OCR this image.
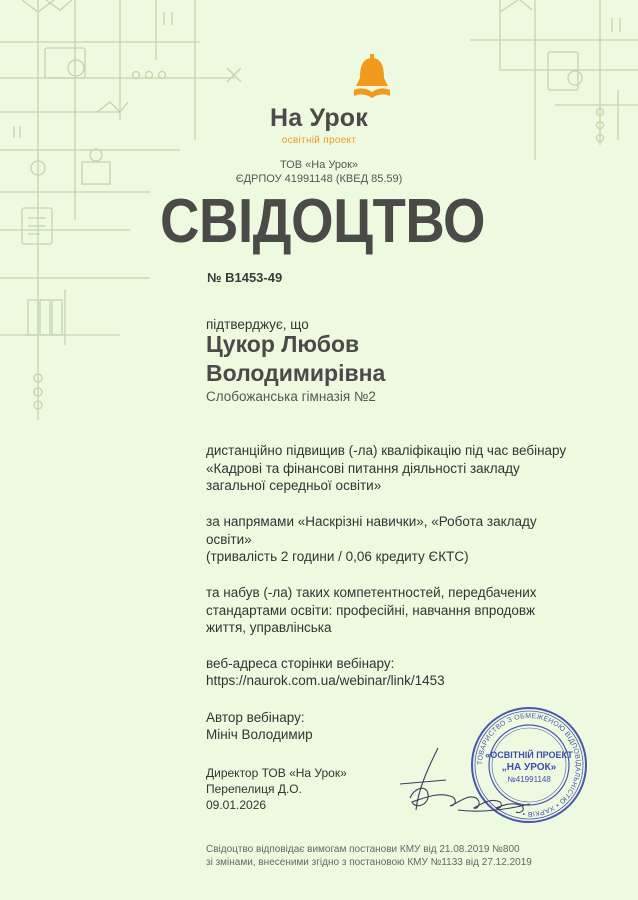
На Урок
освітній проект
ТОВ «На Урок»
ЄДРПОУ 41991148 (КВЕД 85.59)
СВІДОЦТВО
№ В1453-49
підтверджує, що
Цукор Любов Володимирівна
Слобожанська гімназія №2
дистанційно підвищив (-ла) кваліфікацію під час вебінару «Кадрові та фінансові питання діяльності закладу загальної середньої освіти»
за напрямами «Наскрізні навички», «Робота закладу освіти»
(тривалість 2 години / 0,06 кредиту ЄКТС)
та набув (-ла) таких компетентностей, передбачених стандартами освіти: професійні, навчання впродовж життя, управлінська
веб-адреса сторінки вебінару:
https://naurok.com.ua/webinar/link/1453
Автор вебінару:
Мініч Володимир
Директор ТОВ «На Урок»
Перепелиця Д.О.
09.01.2026
Свідоцтво відповідає вимогам постанови КМУ від 21.08.2019 №800
зі змінами, внесеними згідно з постановою КМУ №1133 від 27.12.2019
ТОВАРИСТВО З ОБМЕЖЕНОЮ ВІДПОВІДАЛЬНІСТЮ • ХАРКІВ •
«ОСВІТНІЙ ПРОЕКТ
„НА УРОК»
№41991148
